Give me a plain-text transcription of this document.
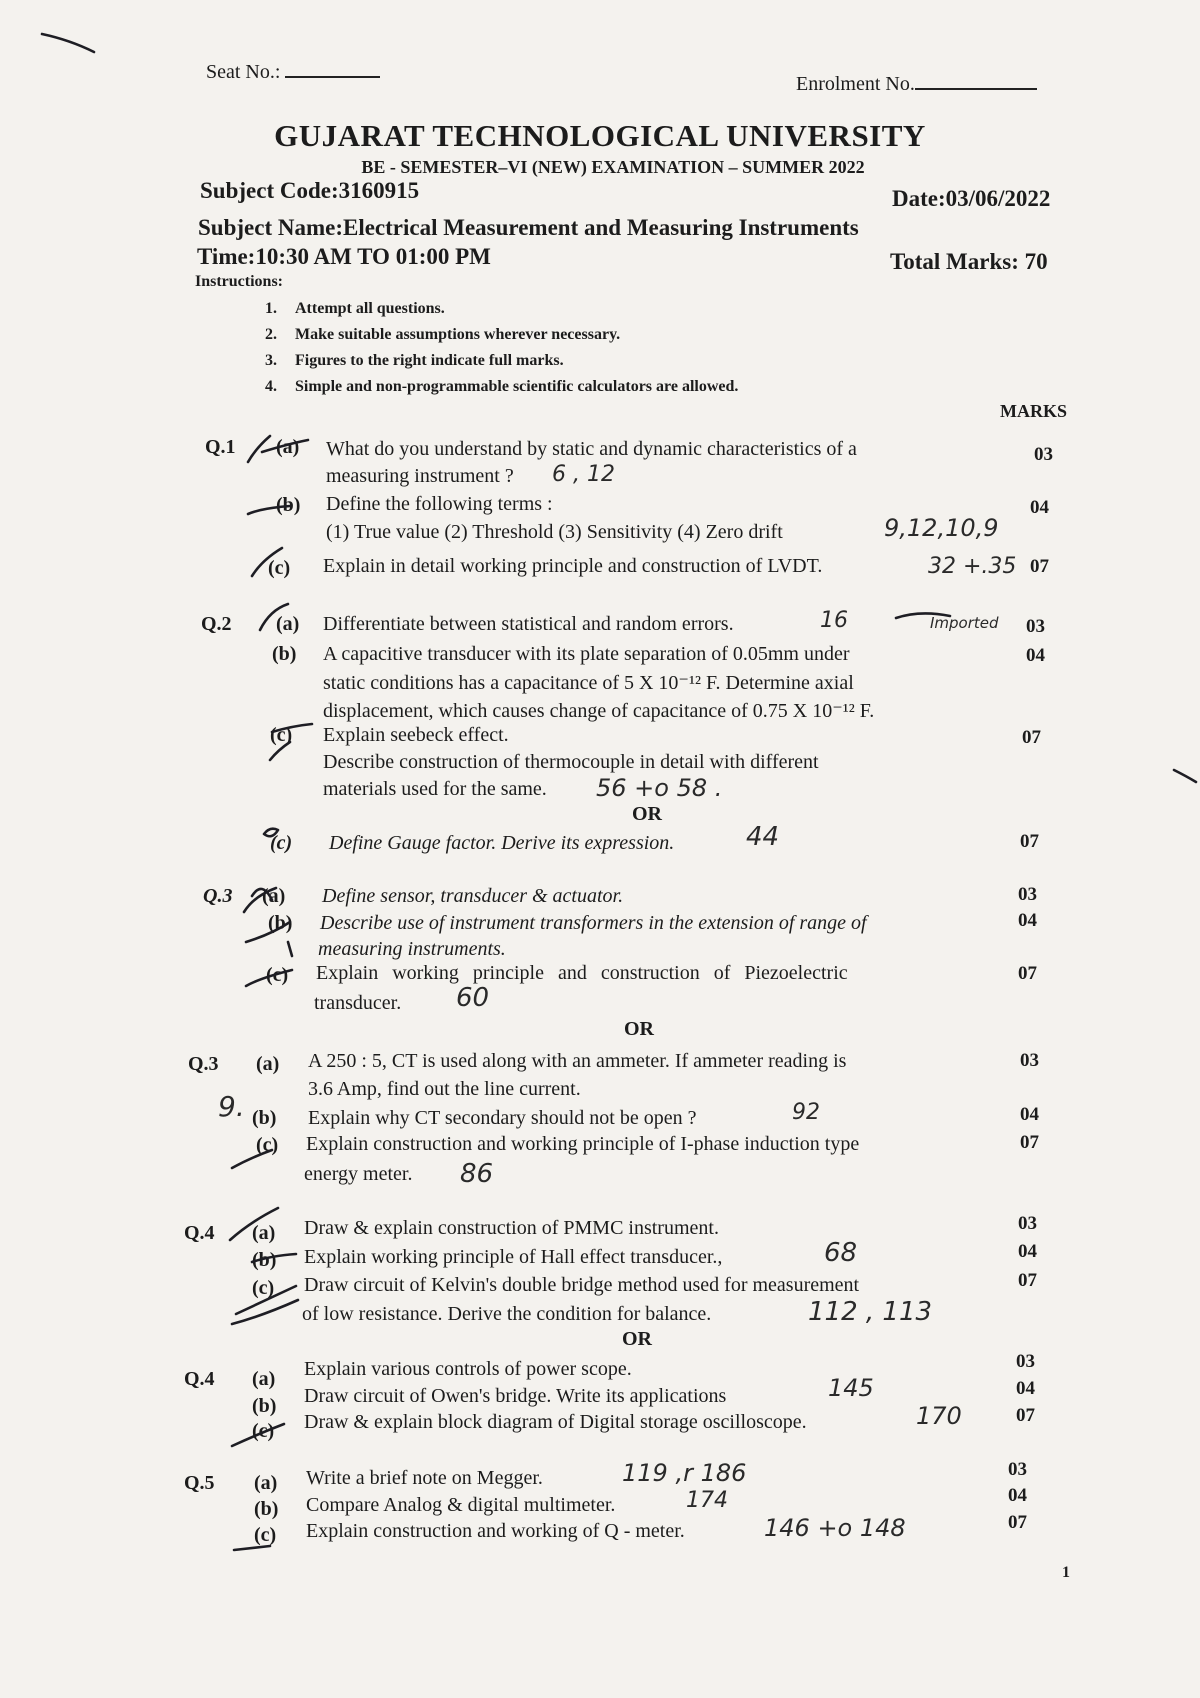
Seat No.:
Enrolment No.
GUJARAT TECHNOLOGICAL UNIVERSITY
BE - SEMESTER–VI (NEW) EXAMINATION – SUMMER 2022
Subject Code:3160915	Date:03/06/2022
Subject Name:Electrical Measurement and Measuring Instruments
Time:10:30 AM TO 01:00 PM	Total Marks: 70
Instructions:
1. Attempt all questions.
2. Make suitable assumptions wherever necessary.
3. Figures to the right indicate full marks.
4. Simple and non-programmable scientific calculators are allowed.
MARKS
Q.1 (a) What do you understand by static and dynamic characteristics of a
measuring instrument ? 6 , 12
03
(b) Define the following terms :
(1) True value (2) Threshold (3) Sensitivity (4) Zero drift	9,12,10,9
04
(c) Explain in detail working principle and construction of LVDT.	32 +.35 07
Q.2 (a) Differentiate between statistical and random errors.	16	Imported 03
(b) A capacitive transducer with its plate separation of 0.05mm under
static conditions has a capacitance of 5 X 10⁻¹² F. Determine axial
displacement, which causes change of capacitance of 0.75 X 10⁻¹² F.
04
(c) Explain seebeck effect.
Describe construction of thermocouple in detail with different
materials used for the same. 56 +o 58 .
07
OR
(c) Define Gauge factor. Derive its expression.	44	07
Q.3 (a) Define sensor, transducer & actuator.	03
(b) Describe use of instrument transformers in the extension of range of
measuring instruments.
04
(c) Explain working principle and construction of Piezoelectric
transducer. 60
07
OR
Q.3 (a) A 250 : 5, CT is used along with an ammeter. If ammeter reading is
3.6 Amp, find out the line current.
03
9. (b) Explain why CT secondary should not be open ?	92	04
(c) Explain construction and working principle of I-phase induction type
energy meter. 86
07
Q.4 (a) Draw & explain construction of PMMC instrument.	03
(b) Explain working principle of Hall effect transducer.,	68	04
(c) Draw circuit of Kelvin's double bridge method used for measurement
of low resistance. Derive the condition for balance.	112 , 113
07
OR
Q.4 (a) Explain various controls of power scope.	03
(b) Draw circuit of Owen's bridge. Write its applications	145	04
(c) Draw & explain block diagram of Digital storage oscilloscope.	170	07
Q.5 (a) Write a brief note on Megger.	119 ,r 186	03
(b) Compare Analog & digital multimeter.	174	04
(c) Explain construction and working of Q - meter.	146 +o 148	07
1
